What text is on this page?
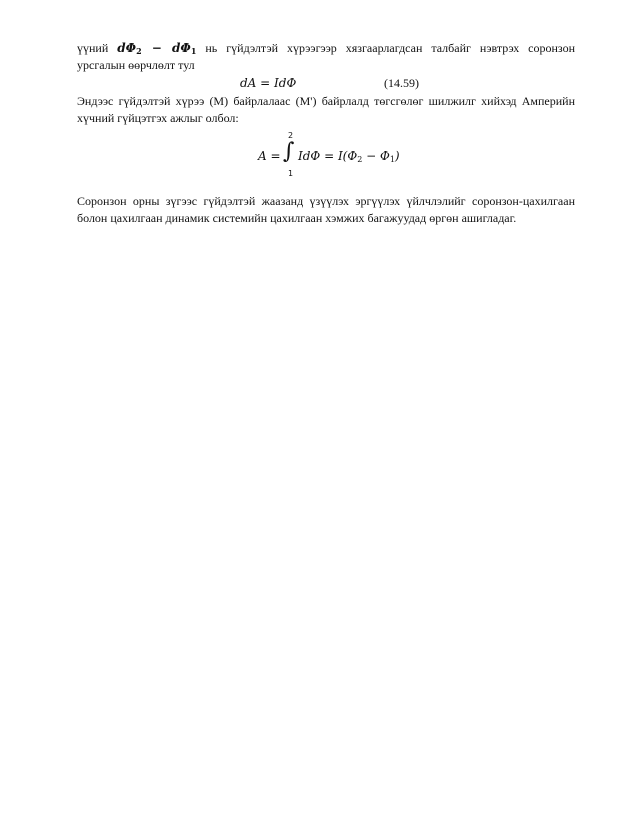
үүний $d\Phi_2 - d\Phi_1$ нь гүйдэлтэй хүрээгээр хязгаарлагдсан талбайг нэвтрэх соронзон
урсгалын өөрчлөлт тул
dA = IdΦ	(14.59)
Эндээс гүйдэлтэй хүрээ (M) байрлалаас (M') байрлалд төгсгөлөг шилжилг хийхэд Амперийн
хүчний гүйцэтгэх ажлыг олбол:
A =
2
∫
1
$Id\Phi = I(\Phi_2 - \Phi_1)$
Соронзон орны зүгээс гүйдэлтэй жаазанд үзүүлэх эргүүлэх үйлчлэлийг соронзон-цахилгаан
болон цахилгаан динамик системийн цахилгаан хэмжих багажуудад өргөн ашигладаг.
